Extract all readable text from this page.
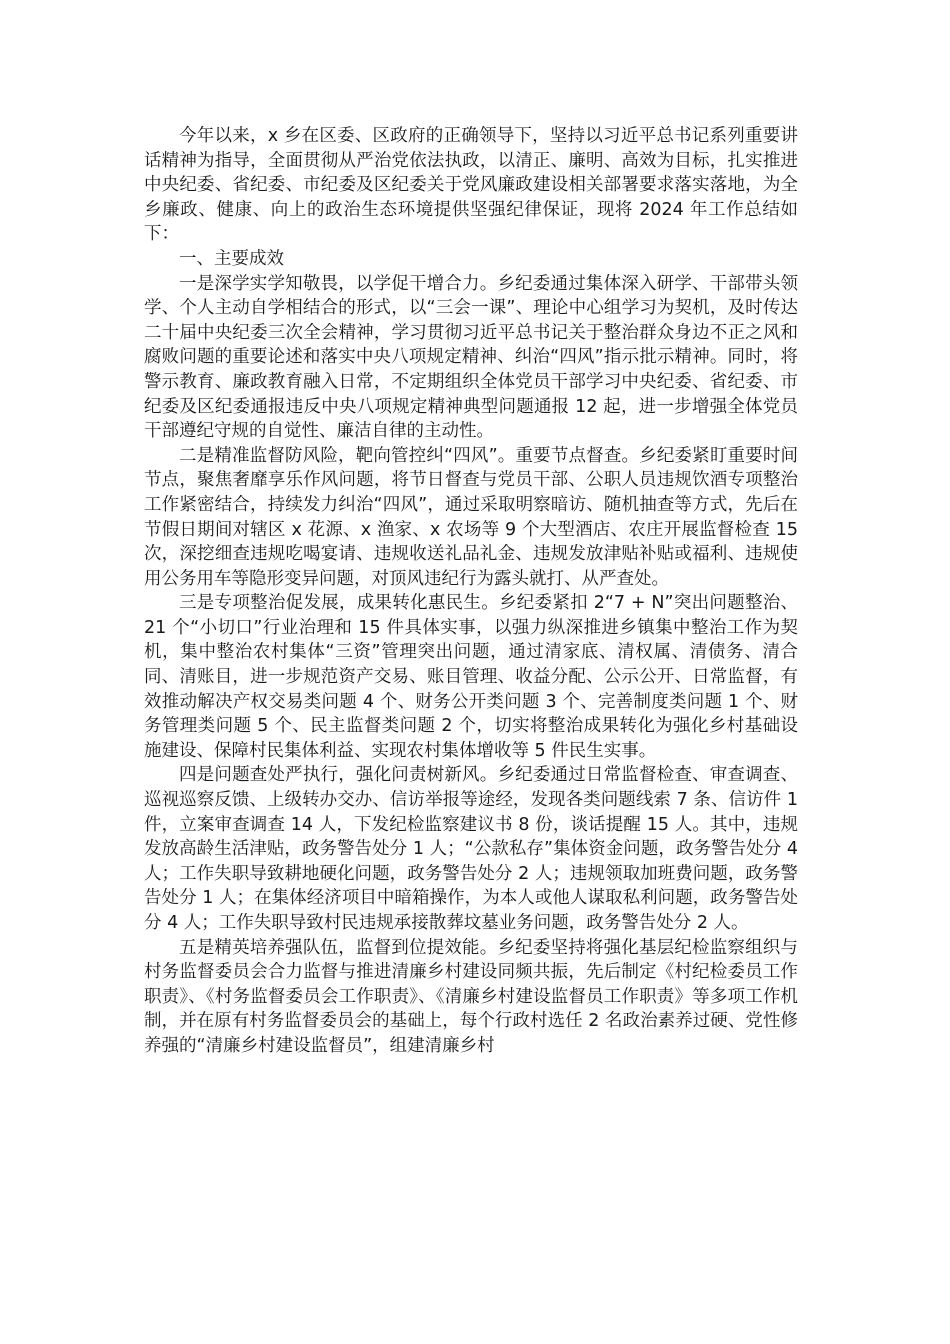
今年以来，x 乡在区委、区政府的正确领导下，坚持以习近平总书记系列重要讲话精神为指导，全面贯彻从严治党依法执政，以清正、廉明、高效为目标，扎实推进中央纪委、省纪委、市纪委及区纪委关于党风廉政建设相关部署要求落实落地，为全乡廉政、健康、向上的政治生态环境提供坚强纪律保证，现将 2024 年工作总结如下：

一、主要成效

一是深学实学知敬畏，以学促干增合力。乡纪委通过集体深入研学、干部带头领学、个人主动自学相结合的形式，以“三会一课”、理论中心组学习为契机，及时传达二十届中央纪委三次全会精神，学习贯彻习近平总书记关于整治群众身边不正之风和腐败问题的重要论述和落实中央八项规定精神、纠治“四风”指示批示精神。同时，将警示教育、廉政教育融入日常，不定期组织全体党员干部学习中央纪委、省纪委、市纪委及区纪委通报违反中央八项规定精神典型问题通报 12 起，进一步增强全体党员干部遵纪守规的自觉性、廉洁自律的主动性。

二是精准监督防风险，靶向管控纠“四风”。重要节点督查。乡纪委紧盯重要时间节点，聚焦奢靡享乐作风问题，将节日督查与党员干部、公职人员违规饮酒专项整治工作紧密结合，持续发力纠治“四风”，通过采取明察暗访、随机抽查等方式，先后在节假日期间对辖区 x 花源、x 渔家、x 农场等 9 个大型酒店、农庄开展监督检查 15 次，深挖细查违规吃喝宴请、违规收送礼品礼金、违规发放津贴补贴或福利、违规使用公务用车等隐形变异问题，对顶风违纪行为露头就打、从严查处。

三是专项整治促发展，成果转化惠民生。乡纪委紧扣 2“7 + N”突出问题整治、21 个“小切口”行业治理和 15 件具体实事，以强力纵深推进乡镇集中整治工作为契机，集中整治农村集体“三资”管理突出问题，通过清家底、清权属、清债务、清合同、清账目，进一步规范资产交易、账目管理、收益分配、公示公开、日常监督，有效推动解决产权交易类问题 4 个、财务公开类问题 3 个、完善制度类问题 1 个、财务管理类问题 5 个、民主监督类问题 2 个，切实将整治成果转化为强化乡村基础设施建设、保障村民集体利益、实现农村集体增收等 5 件民生实事。

四是问题查处严执行，强化问责树新风。乡纪委通过日常监督检查、审查调查、巡视巡察反馈、上级转办交办、信访举报等途经，发现各类问题线索 7 条、信访件 1 件，立案审查调查 14 人，下发纪检监察建议书 8 份，谈话提醒 15 人。其中，违规发放高龄生活津贴，政务警告处分 1 人；“公款私存”集体资金问题，政务警告处分 4 人；工作失职导致耕地硬化问题，政务警告处分 2 人；违规领取加班费问题，政务警告处分 1 人；在集体经济项目中暗箱操作，为本人或他人谋取私利问题，政务警告处分 4 人；工作失职导致村民违规承接散葬坟墓业务问题，政务警告处分 2 人。

五是精英培养强队伍，监督到位提效能。乡纪委坚持将强化基层纪检监察组织与村务监督委员会合力监督与推进清廉乡村建设同频共振，先后制定《村纪检委员工作职责》、《村务监督委员会工作职责》、《清廉乡村建设监督员工作职责》等多项工作机制，并在原有村务监督委员会的基础上，每个行政村选任 2 名政治素养过硬、党性修养强的“清廉乡村建设监督员”，组建清廉乡村
